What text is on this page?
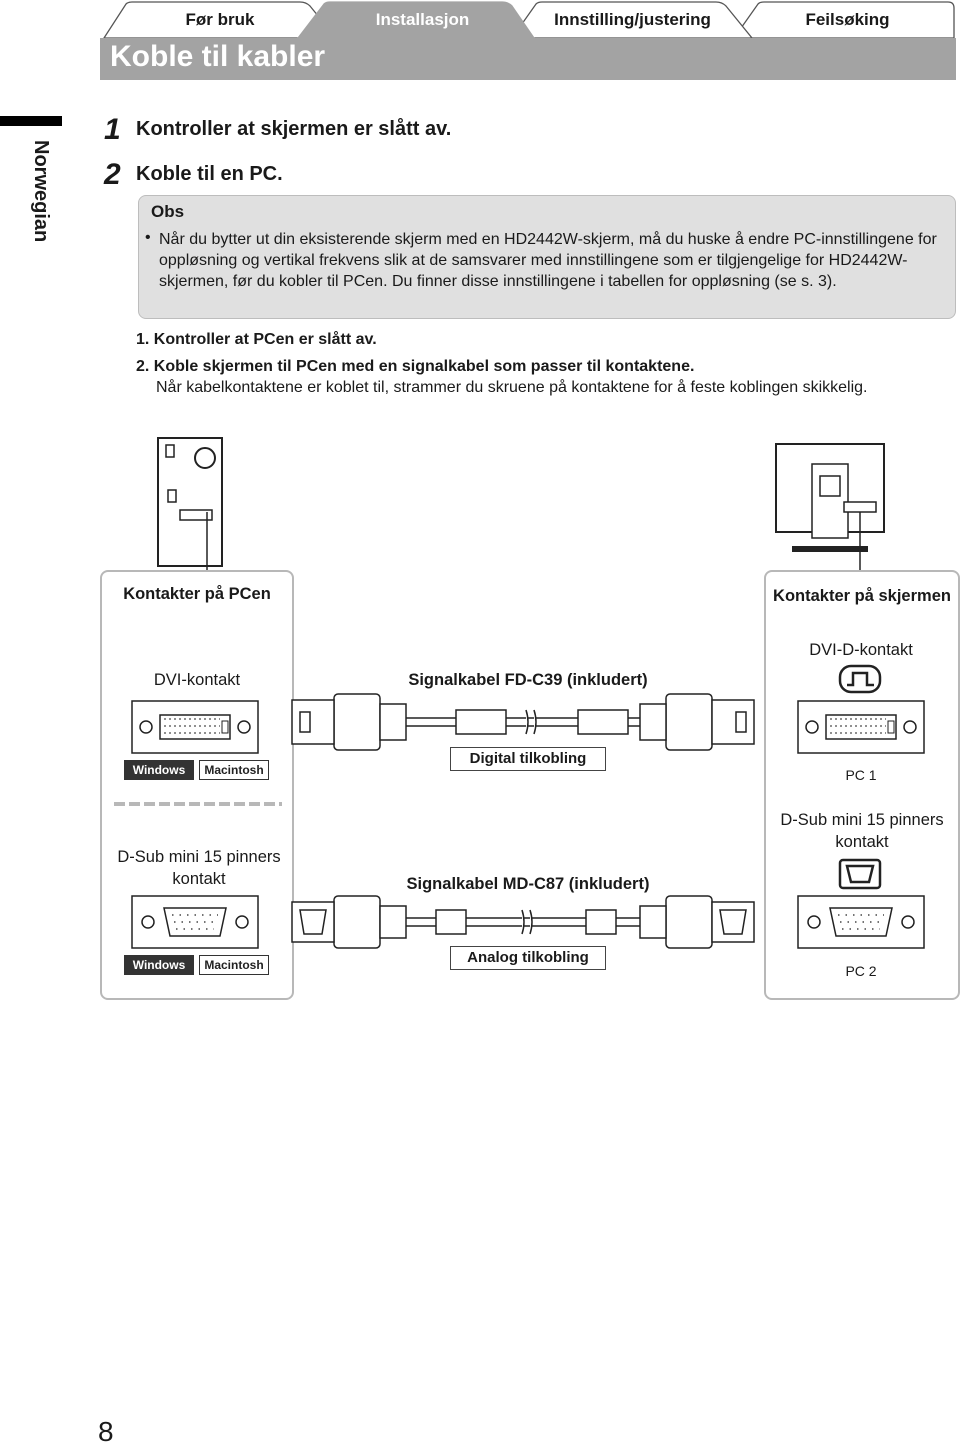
Før bruk	Installasjon	Innstilling/justering	Feilsøking
Koble til kabler
Norwegian
1 Kontroller at skjermen er slått av.
2 Koble til en PC.
Obs
• Når du bytter ut din eksisterende skjerm med en HD2442W-skjerm, må du huske å endre PC-innstillingene for oppløsning og vertikal frekvens slik at de samsvarer med innstillingene som er tilgjengelige for HD2442W-skjermen, før du kobler til PCen. Du finner disse innstillingene i tabellen for oppløsning (se s. 3).
1. Kontroller at PCen er slått av.
2. Koble skjermen til PCen med en signalkabel som passer til kontaktene.
Når kabelkontaktene er koblet til, strammer du skruene på kontaktene for å feste koblingen skikkelig.
Kontakter på PCen
DVI-kontakt
Windows	Macintosh
D-Sub mini 15 pinners kontakt
Windows	Macintosh
Kontakter på skjermen
DVI-D-kontakt
PC 1
D-Sub mini 15 pinners kontakt
PC 2
Signalkabel FD-C39 (inkludert)
Digital tilkobling
Signalkabel MD-C87 (inkludert)
Analog tilkobling
8
